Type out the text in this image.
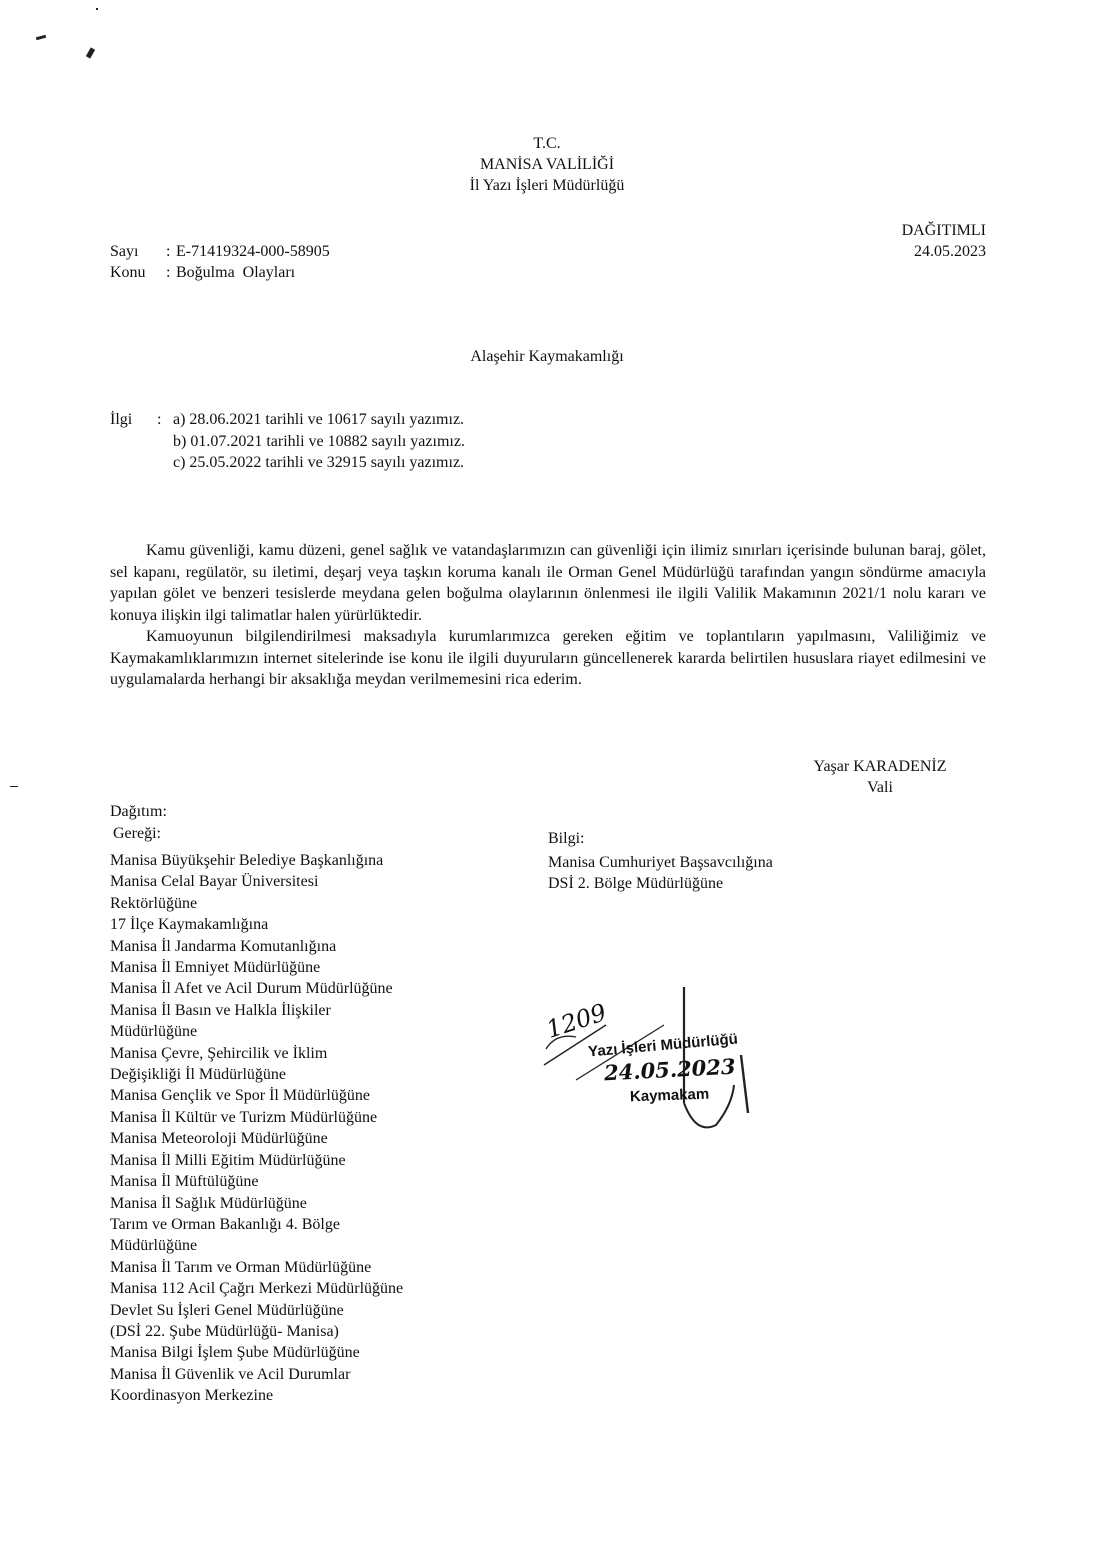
T.C.
MANİSA VALİLİĞİ
İl Yazı İşleri Müdürlüğü
DAĞITIMLI
24.05.2023
Sayı : E-71419324-000-58905
Konu : Boğulma  Olayları
Alaşehir Kaymakamlığı
İlgi : a) 28.06.2021 tarihli ve 10617 sayılı yazımız.
b) 01.07.2021 tarihli ve 10882 sayılı yazımız.
c) 25.05.2022 tarihli ve 32915 sayılı yazımız.
Kamu güvenliği, kamu düzeni, genel sağlık ve vatandaşlarımızın can güvenliği için ilimiz sınırları içerisinde bulunan baraj, gölet, sel kapanı, regülatör, su iletimi, deşarj veya taşkın koruma kanalı ile Orman Genel Müdürlüğü tarafından yangın söndürme amacıyla yapılan gölet ve benzeri tesislerde meydana gelen boğulma olaylarının önlenmesi ile ilgili Valilik Makamının 2021/1 nolu kararı ve konuya ilişkin ilgi talimatlar halen yürürlüktedir.
Kamuoyunun bilgilendirilmesi maksadıyla kurumlarımızca gereken eğitim ve toplantıların yapılmasını, Valiliğimiz ve Kaymakamlıklarımızın internet sitelerinde ise konu ile ilgili duyuruların güncellenerek kararda belirtilen hususlara riayet edilmesini ve uygulamalarda herhangi bir aksaklığa meydan verilmemesini rica ederim.
Yaşar KARADENİZ
Vali
Dağıtım:
Gereği:
Manisa Büyükşehir Belediye Başkanlığına
Manisa Celal Bayar Üniversitesi
Rektörlüğüne
17 İlçe Kaymakamlığına
Manisa İl Jandarma Komutanlığına
Manisa İl Emniyet Müdürlüğüne
Manisa İl Afet ve Acil Durum Müdürlüğüne
Manisa İl Basın ve Halkla İlişkiler
Müdürlüğüne
Manisa Çevre, Şehircilik ve İklim
Değişikliği İl Müdürlüğüne
Manisa Gençlik ve Spor İl Müdürlüğüne
Manisa İl Kültür ve Turizm Müdürlüğüne
Manisa Meteoroloji Müdürlüğüne
Manisa İl Milli Eğitim Müdürlüğüne
Manisa İl Müftülüğüne
Manisa İl Sağlık Müdürlüğüne
Tarım ve Orman Bakanlığı 4. Bölge
Müdürlüğüne
Manisa İl Tarım ve Orman Müdürlüğüne
Manisa 112 Acil Çağrı Merkezi Müdürlüğüne
Devlet Su İşleri Genel Müdürlüğüne
(DSİ 22. Şube Müdürlüğü- Manisa)
Manisa Bilgi İşlem Şube Müdürlüğüne
Manisa İl Güvenlik ve Acil Durumlar
Koordinasyon Merkezine
Bilgi:
Manisa Cumhuriyet Başsavcılığına
DSİ 2. Bölge Müdürlüğüne
1209
Yazı İşleri Müdürlüğü
24.05.2023
Kaymakam
